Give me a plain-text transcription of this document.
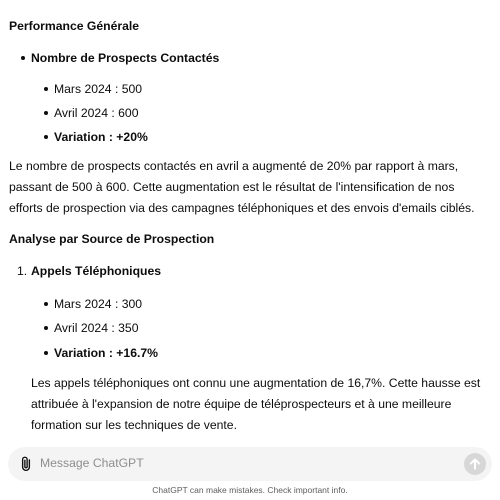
Performance Générale
Nombre de Prospects Contactés
Mars 2024 : 500
Avril 2024 : 600
Variation : +20%
Le nombre de prospects contactés en avril a augmenté de 20% par rapport à mars, passant de 500 à 600. Cette augmentation est le résultat de l'intensification de nos efforts de prospection via des campagnes téléphoniques et des envois d'emails ciblés.
Analyse par Source de Prospection
1. Appels Téléphoniques
Mars 2024 : 300
Avril 2024 : 350
Variation : +16.7%
Les appels téléphoniques ont connu une augmentation de 16,7%. Cette hausse est attribuée à l'expansion de notre équipe de téléprospecteurs et à une meilleure formation sur les techniques de vente.
Message ChatGPT
ChatGPT can make mistakes. Check important info.
